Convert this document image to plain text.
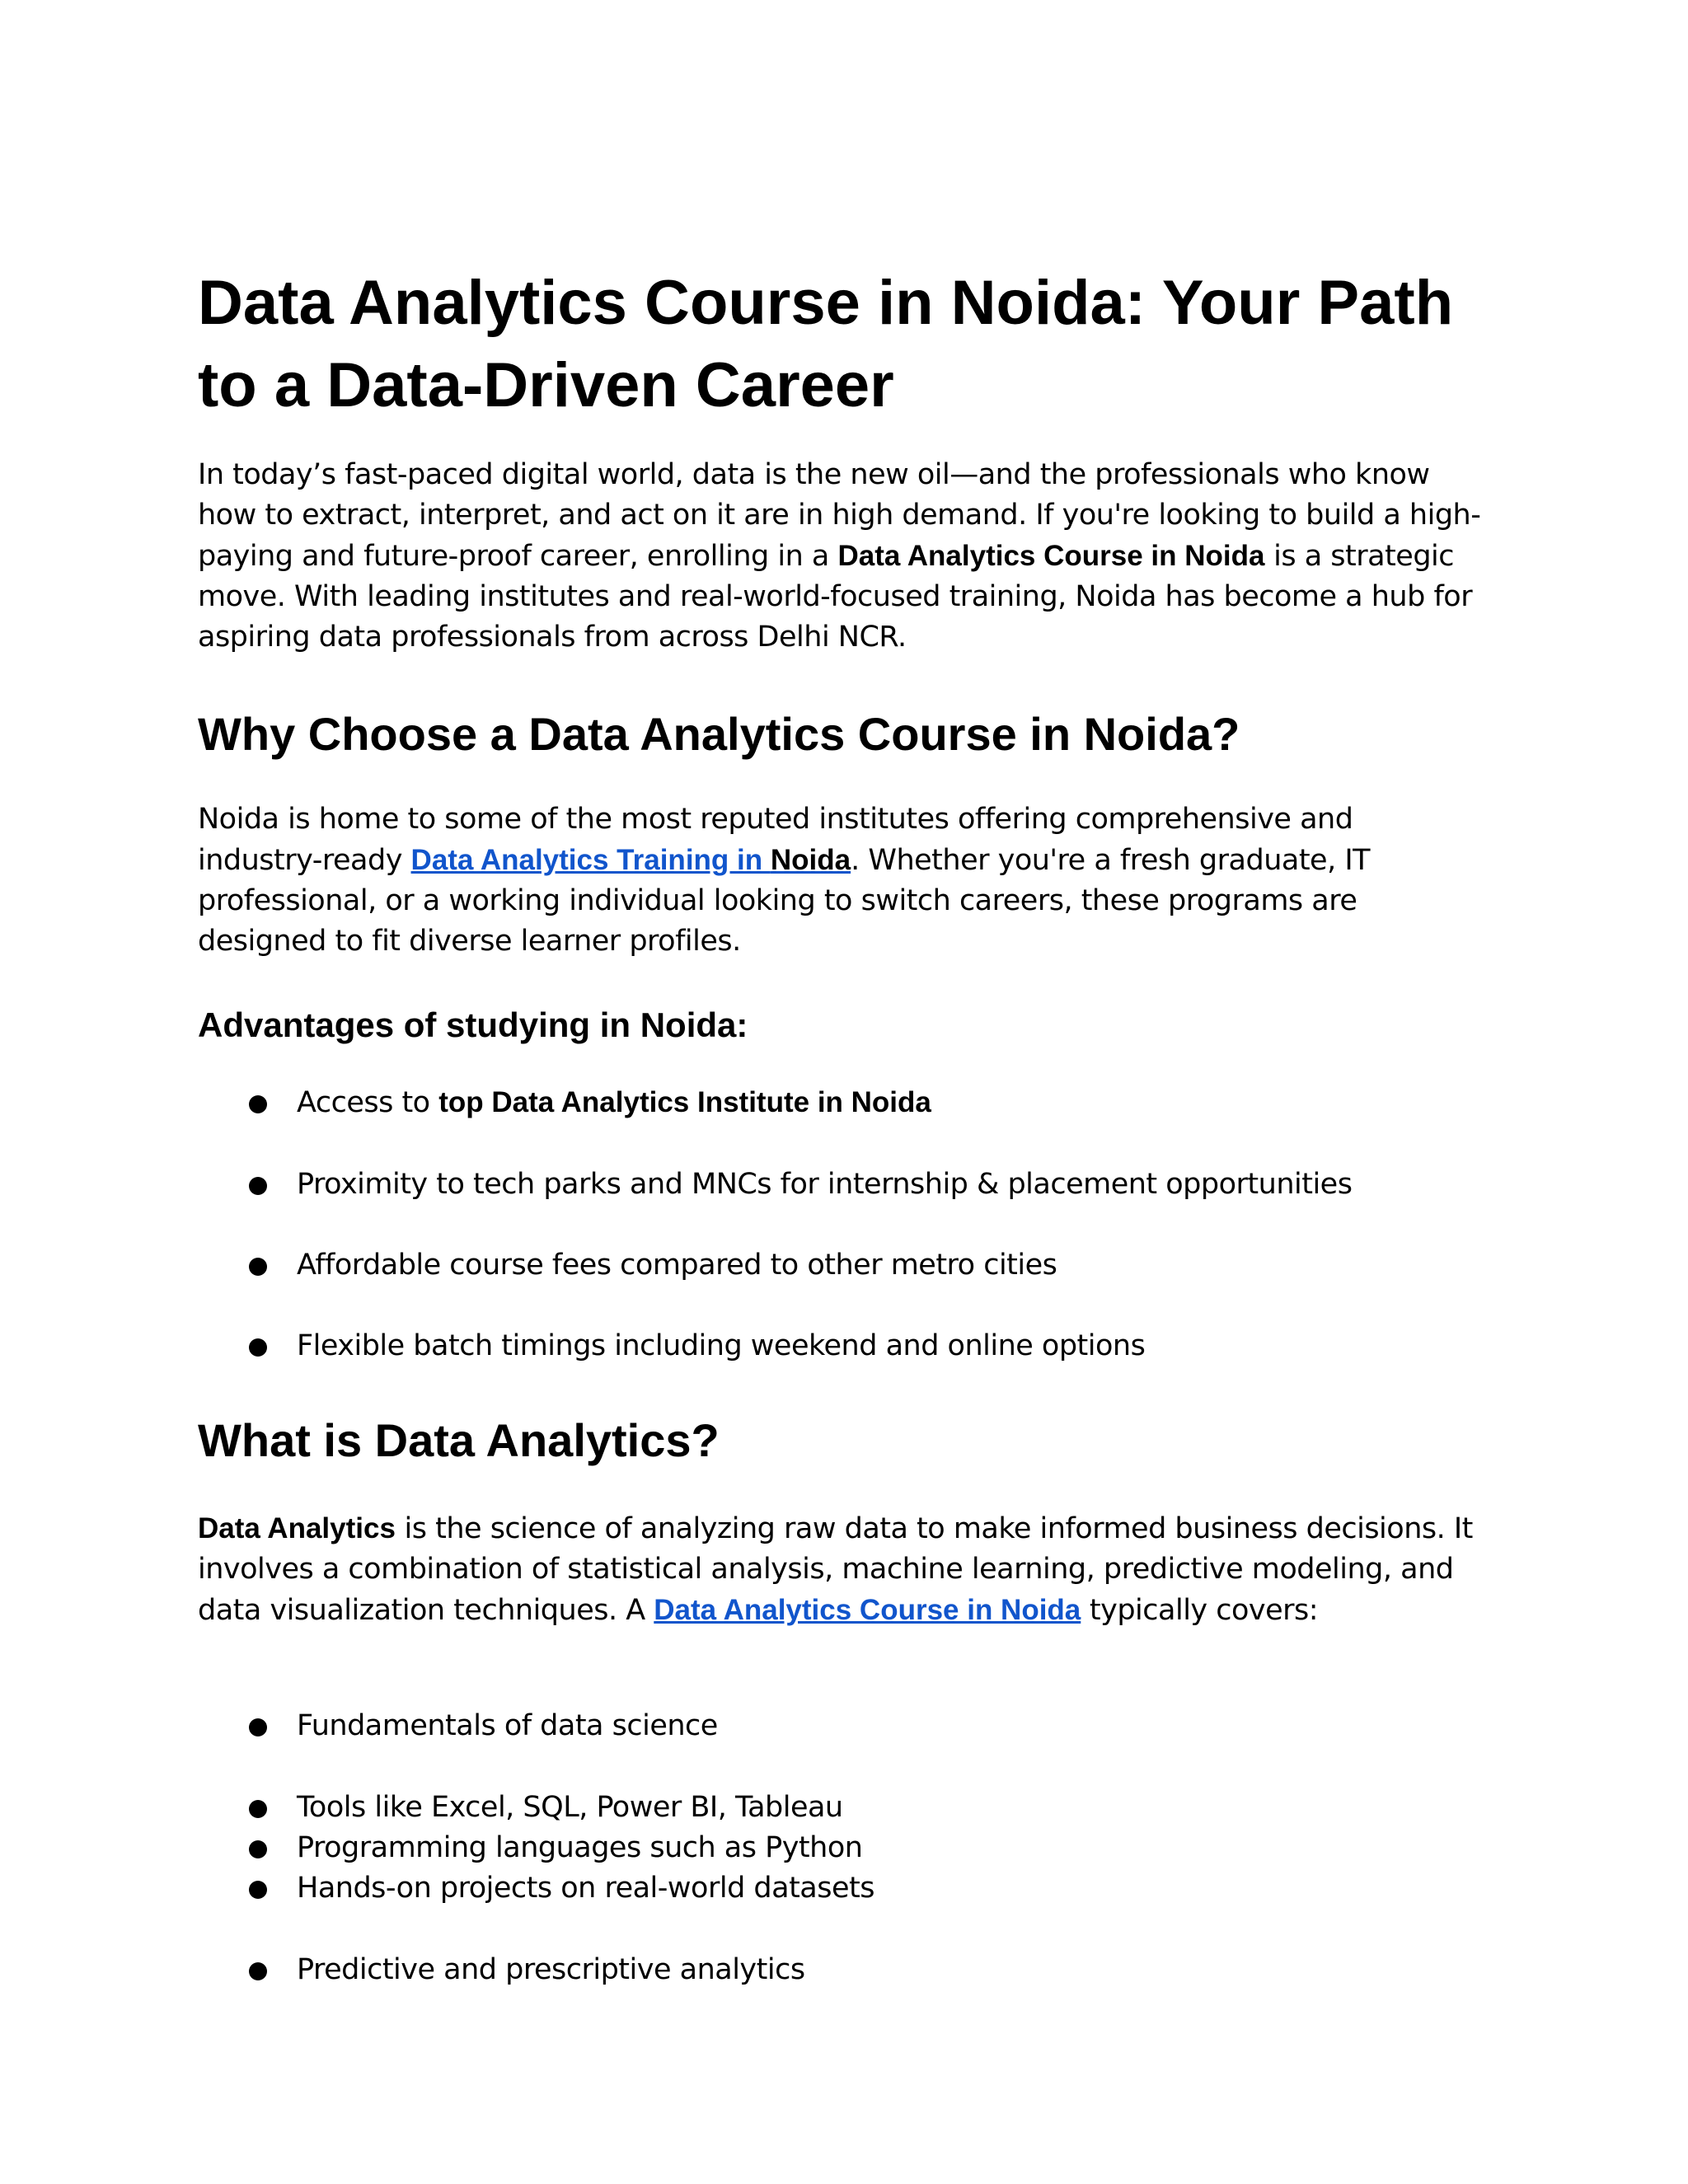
Data Analytics Course in Noida: Your Path to a Data-Driven Career

In today’s fast-paced digital world, data is the new oil—and the professionals who know how to extract, interpret, and act on it are in high demand. If you're looking to build a high-paying and future-proof career, enrolling in a Data Analytics Course in Noida is a strategic move. With leading institutes and real-world-focused training, Noida has become a hub for aspiring data professionals from across Delhi NCR.

Why Choose a Data Analytics Course in Noida?

Noida is home to some of the most reputed institutes offering comprehensive and industry-ready Data Analytics Training in Noida. Whether you're a fresh graduate, IT professional, or a working individual looking to switch careers, these programs are designed to fit diverse learner profiles.

Advantages of studying in Noida:
Access to top Data Analytics Institute in Noida
Proximity to tech parks and MNCs for internship & placement opportunities
Affordable course fees compared to other metro cities
Flexible batch timings including weekend and online options
What is Data Analytics?

Data Analytics is the science of analyzing raw data to make informed business decisions. It involves a combination of statistical analysis, machine learning, predictive modeling, and data visualization techniques. A Data Analytics Course in Noida typically covers:

Fundamentals of data science
Tools like Excel, SQL, Power BI, Tableau
Programming languages such as Python
Hands-on projects on real-world datasets
Predictive and prescriptive analytics
